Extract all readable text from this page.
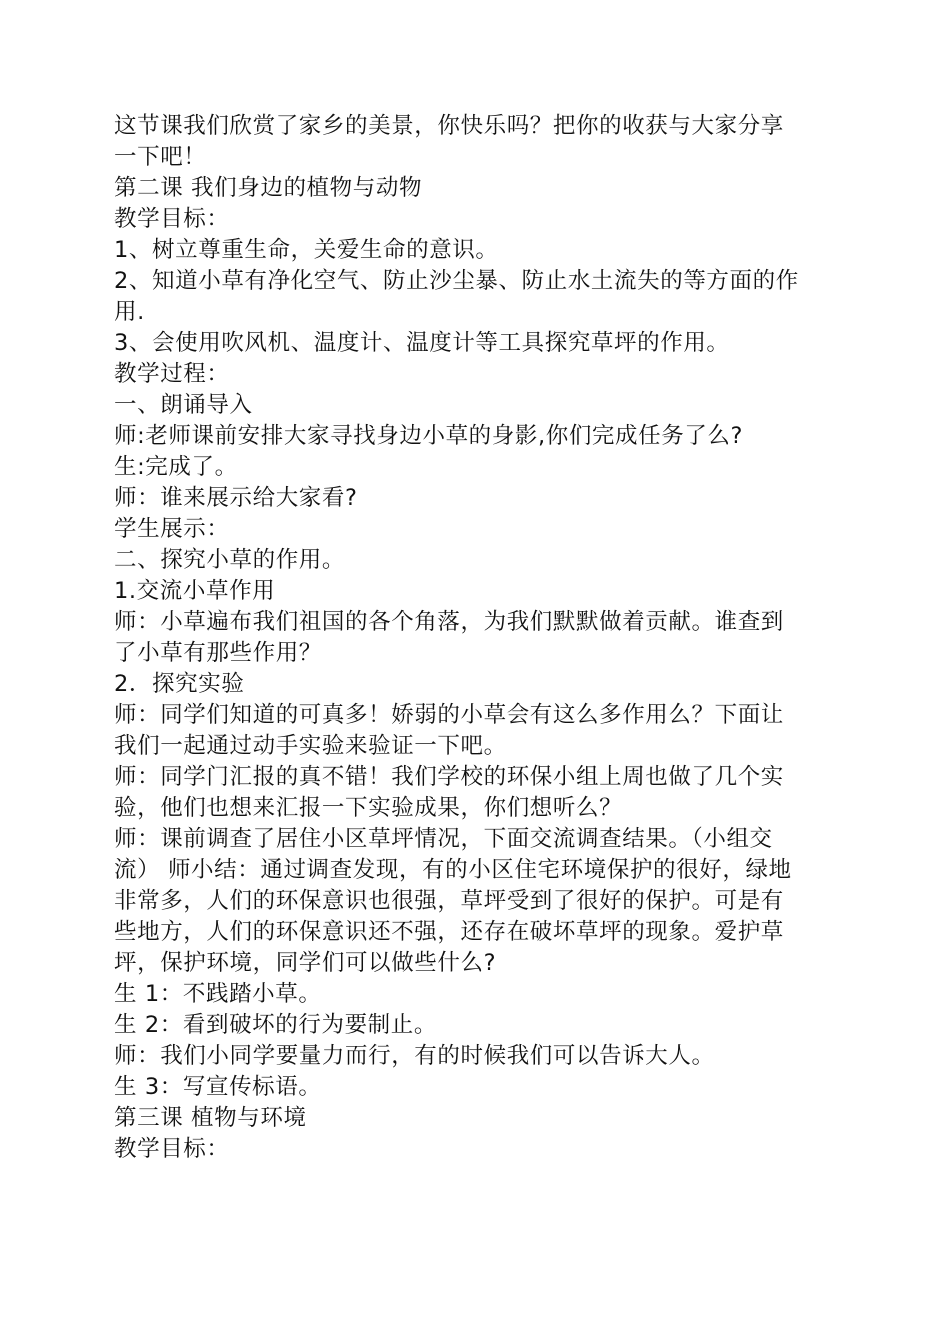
这节课我们欣赏了家乡的美景，你快乐吗？把你的收获与大家分享
一下吧！
第二课 我们身边的植物与动物
教学目标：
1、树立尊重生命，关爱生命的意识。
2、知道小草有净化空气、防止沙尘暴、防止水土流失的等方面的作
用.
3、会使用吹风机、温度计、温度计等工具探究草坪的作用。
教学过程：
一、朗诵导入
师:老师课前安排大家寻找身边小草的身影,你们完成任务了么?
生:完成了。
师：谁来展示给大家看?
学生展示：
二、探究小草的作用。
1.交流小草作用
师：小草遍布我们祖国的各个角落，为我们默默做着贡献。谁查到
了小草有那些作用？
2．探究实验
师：同学们知道的可真多！娇弱的小草会有这么多作用么？下面让
我们一起通过动手实验来验证一下吧。
师：同学门汇报的真不错！我们学校的环保小组上周也做了几个实
验，他们也想来汇报一下实验成果，你们想听么？
师：课前调查了居住小区草坪情况，下面交流调查结果。（小组交
流） 师小结：通过调查发现，有的小区住宅环境保护的很好，绿地
非常多，人们的环保意识也很强，草坪受到了很好的保护。可是有
些地方，人们的环保意识还不强，还存在破坏草坪的现象。爱护草
坪，保护环境，同学们可以做些什么?
生 1：不践踏小草。
生 2：看到破坏的行为要制止。
师：我们小同学要量力而行，有的时候我们可以告诉大人。
生 3：写宣传标语。
第三课 植物与环境
教学目标：
